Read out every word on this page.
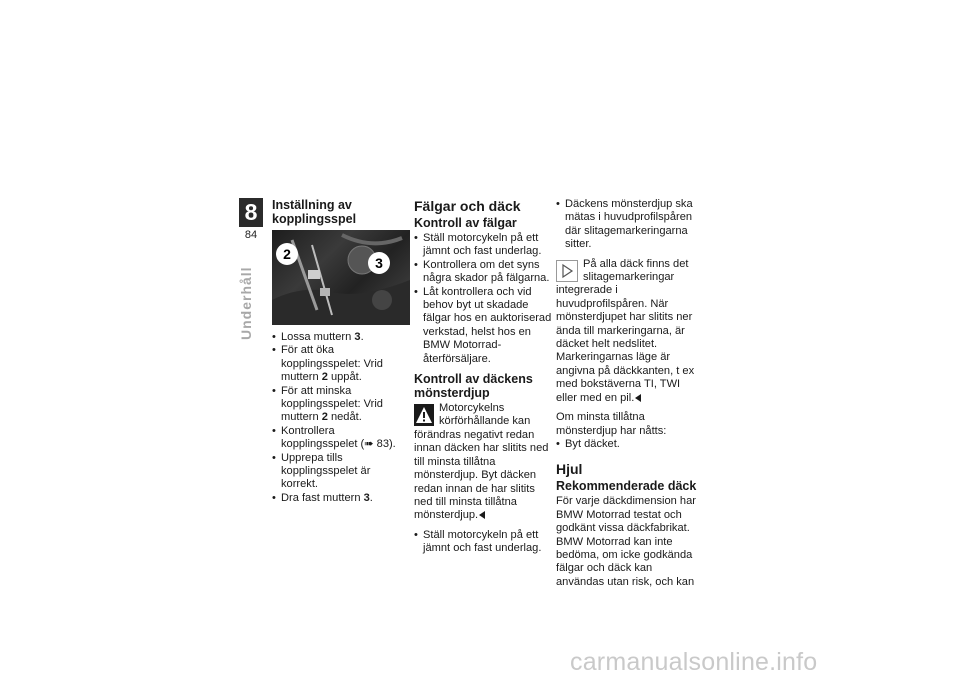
8
84
Underhåll
Inställning av kopplingsspel
2
3
• Lossa muttern 3.
• För att öka kopplingsspelet: Vrid muttern 2 uppåt.
• För att minska kopplingsspelet: Vrid muttern 2 nedåt.
• Kontrollera kopplingsspelet (➠ 83).
• Upprepa tills kopplingsspelet är korrekt.
• Dra fast muttern 3.
Fälgar och däck
Kontroll av fälgar
• Ställ motorcykeln på ett jämnt och fast underlag.
• Kontrollera om det syns några skador på fälgarna.
• Låt kontrollera och vid behov byt ut skadade fälgar hos en auktoriserad verkstad, helst hos en BMW Motorrad-återförsäljare.
Kontroll av däckens mönsterdjup
Motorcykelns körförhållande kan förändras negativt redan innan däcken har slitits ned till minsta tillåtna mönsterdjup. Byt däcken redan innan de har slitits ned till minsta tillåtna mönsterdjup.
• Ställ motorcykeln på ett jämnt och fast underlag.
• Däckens mönsterdjup ska mätas i huvudprofilspåren där slitagemarkeringarna sitter.
På alla däck finns det slitagemarkeringar integrerade i huvudprofilspåren. När mönsterdjupet har slitits ner ända till markeringarna, är däcket helt nedslitet. Markeringarnas läge är angivna på däckkanten, t ex med bokstäverna TI, TWI eller med en pil.

Om minsta tillåtna mönsterdjup har nåtts:

• Byt däcket.
Hjul
Rekommenderade däck

För varje däckdimension har BMW Motorrad testat och godkänt vissa däckfabrikat. BMW Motorrad kan inte bedöma, om icke godkända fälgar och däck kan användas utan risk, och kan

carmanualsonline.info
